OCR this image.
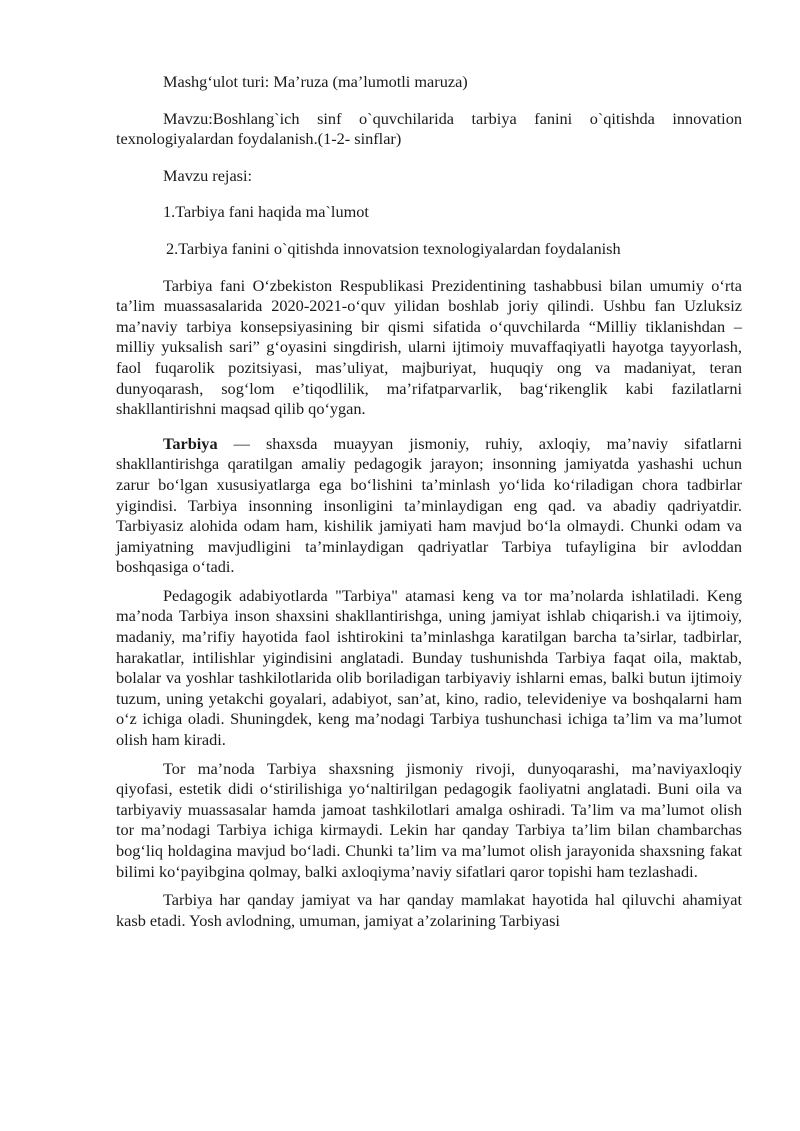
Mashg‘ulot turi: Ma’ruza (ma’lumotli maruza)

Mavzu:Boshlang`ich sinf o`quvchilarida tarbiya fanini o`qitishda innovation texnologiyalardan foydalanish.(1-2- sinflar)

Mavzu rejasi:

1.Tarbiya fani haqida ma`lumot

2.Tarbiya fanini o`qitishda innovatsion texnologiyalardan foydalanish

Tarbiya fani O‘zbekiston Respublikasi Prezidentining tashabbusi bilan umumiy o‘rta ta’lim muassasalarida 2020-2021-o‘quv yilidan boshlab joriy qilindi. Ushbu fan Uzluksiz ma’naviy tarbiya konsepsiyasining bir qismi sifatida o‘quvchilarda “Milliy tiklanishdan – milliy yuksalish sari” g‘oyasini singdirish, ularni ijtimoiy muvaffaqiyatli hayotga tayyorlash, faol fuqarolik pozitsiyasi, mas’uliyat, majburiyat, huquqiy ong va madaniyat, teran dunyoqarash, sog‘lom e’tiqodlilik, ma’rifatparvarlik, bag‘rikenglik kabi fazilatlarni shakllantirishni maqsad qilib qo‘ygan.

Tarbiya — shaxsda muayyan jismoniy, ruhiy, axloqiy, ma’naviy sifatlarni shakllantirishga qaratilgan amaliy pedagogik jarayon; insonning jamiyatda yashashi uchun zarur bo‘lgan xususiyatlarga ega bo‘lishini ta’minlash yo‘lida ko‘riladigan chora tadbirlar yigindisi. Tarbiya insonning insonligini ta’minlaydigan eng qad. va abadiy qadriyatdir. Tarbiyasiz alohida odam ham, kishilik jamiyati ham mavjud bo‘la olmaydi. Chunki odam va jamiyatning mavjudligini ta’minlaydigan qadriyatlar Tarbiya tufayligina bir avloddan boshqasiga o‘tadi.

Pedagogik adabiyotlarda "Tarbiya" atamasi keng va tor ma’nolarda ishlatiladi. Keng ma’noda Tarbiya inson shaxsini shakllantirishga, uning jamiyat ishlab chiqarish.i va ijtimoiy, madaniy, ma’rifiy hayotida faol ishtirokini ta’minlashga karatilgan barcha ta’sirlar, tadbirlar, harakatlar, intilishlar yigindisini anglatadi. Bunday tushunishda Tarbiya faqat oila, maktab, bolalar va yoshlar tashkilotlarida olib boriladigan tarbiyaviy ishlarni emas, balki butun ijtimoiy tuzum, uning yetakchi goyalari, adabiyot, san’at, kino, radio, televideniye va boshqalarni ham o‘z ichiga oladi. Shuningdek, keng ma’nodagi Tarbiya tushunchasi ichiga ta’lim va ma’lumot olish ham kiradi.

Tor ma’noda Tarbiya shaxsning jismoniy rivoji, dunyoqarashi, ma’naviyaxloqiy qiyofasi, estetik didi o‘stirilishiga yo‘naltirilgan pedagogik faoliyatni anglatadi. Buni oila va tarbiyaviy muassasalar hamda jamoat tashkilotlari amalga oshiradi. Ta’lim va ma’lumot olish tor ma’nodagi Tarbiya ichiga kirmaydi. Lekin har qanday Tarbiya ta’lim bilan chambarchas bog‘liq holdagina mavjud bo‘ladi. Chunki ta’lim va ma’lumot olish jarayonida shaxsning fakat bilimi ko‘payibgina qolmay, balki axloqiyma’naviy sifatlari qaror topishi ham tezlashadi.

Tarbiya har qanday jamiyat va har qanday mamlakat hayotida hal qiluvchi ahamiyat kasb etadi. Yosh avlodning, umuman, jamiyat a’zolarining Tarbiyasi
